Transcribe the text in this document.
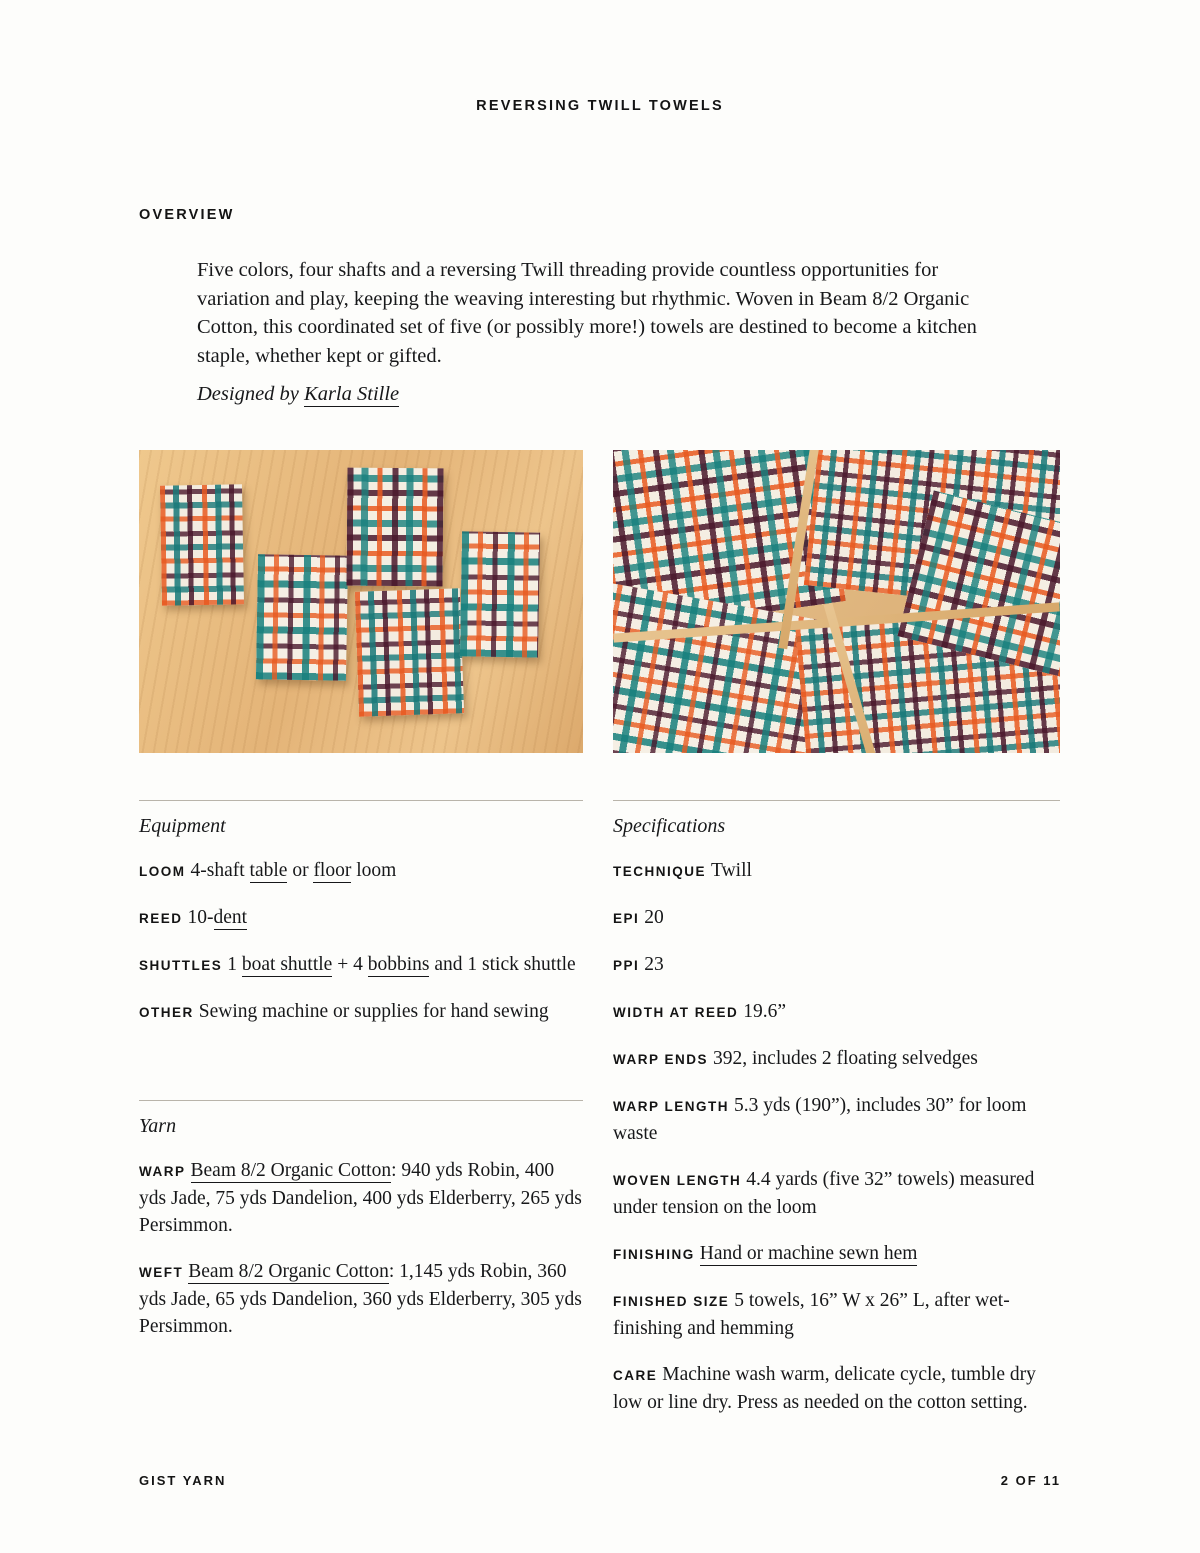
REVERSING TWILL TOWELS
OVERVIEW
Five colors, four shafts and a reversing Twill threading provide countless opportunities for variation and play, keeping the weaving interesting but rhythmic. Woven in Beam 8/2 Organic Cotton, this coordinated set of five (or possibly more!) towels are destined to become a kitchen staple, whether kept or gifted.
Designed by Karla Stille
Equipment
LOOM 4-shaft table or floor loom
REED 10-dent
SHUTTLES 1 boat shuttle + 4 bobbins and 1 stick shuttle
OTHER Sewing machine or supplies for hand sewing
Yarn
WARP Beam 8/2 Organic Cotton: 940 yds Robin, 400 yds Jade, 75 yds Dandelion, 400 yds Elderberry, 265 yds Persimmon.
WEFT Beam 8/2 Organic Cotton: 1,145 yds Robin, 360 yds Jade, 65 yds Dandelion, 360 yds Elderberry, 305 yds Persimmon.
Specifications
TECHNIQUE Twill
EPI 20
PPI 23
WIDTH AT REED 19.6”
WARP ENDS 392, includes 2 floating selvedges
WARP LENGTH 5.3 yds (190”), includes 30” for loom waste
WOVEN LENGTH 4.4 yards (five 32” towels) measured under tension on the loom
FINISHING Hand or machine sewn hem
FINISHED SIZE 5 towels, 16” W x 26” L, after wet-finishing and hemming
CARE Machine wash warm, delicate cycle, tumble dry low or line dry. Press as needed on the cotton setting.
GIST YARN	2 OF 11
